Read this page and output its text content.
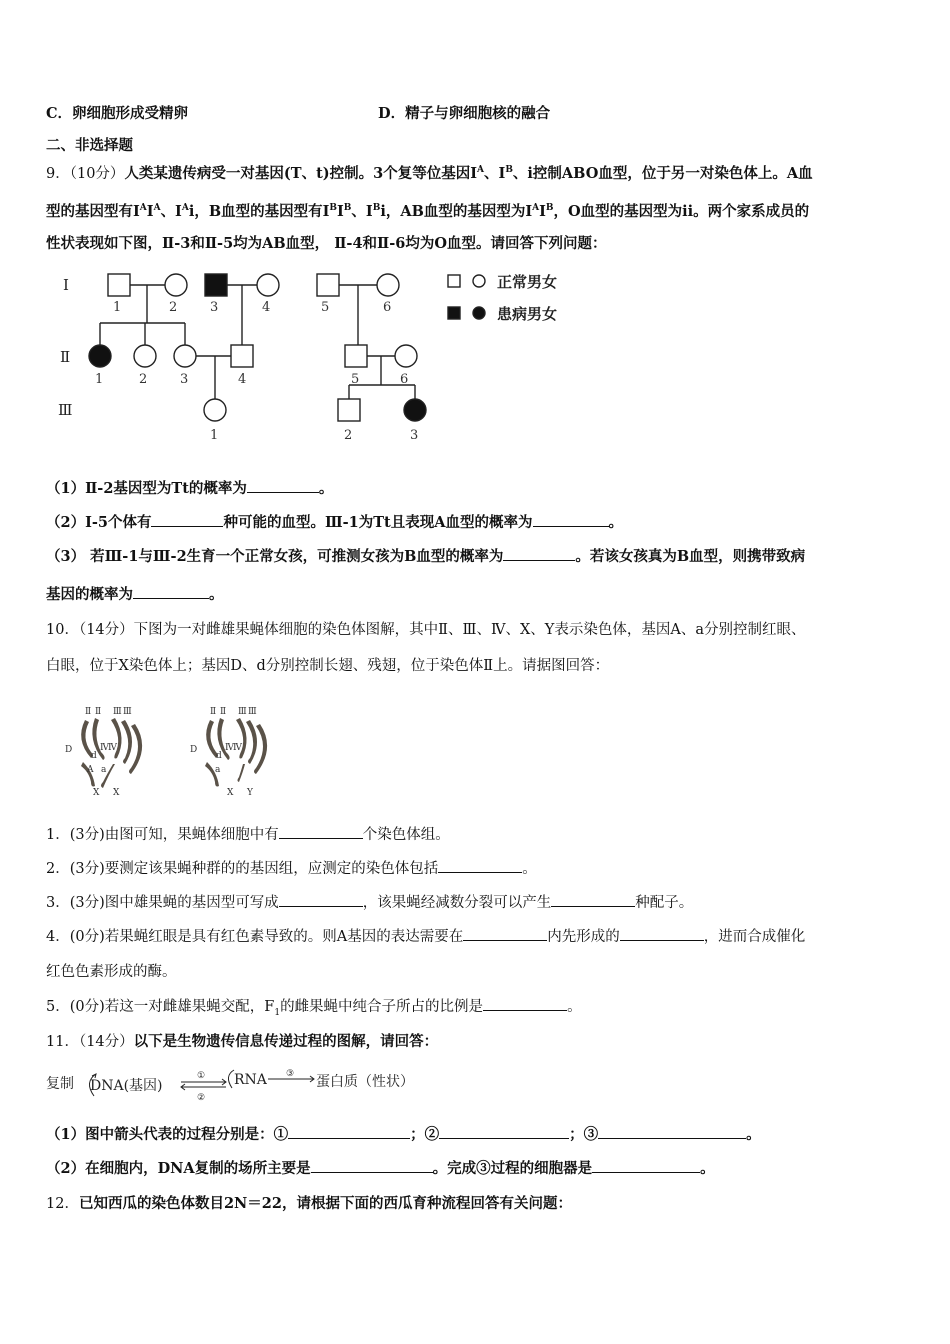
C．卵细胞形成受精卵	D．精子与卵细胞核的融合
二、非选择题
9．（10分）人类某遗传病受一对基因(T、t)控制。3个复等位基因$I^A$、$I^B$、i控制ABO血型，位于另一对染色体上。A血
型的基因型有$I^AI^A$、$I^Ai$，B血型的基因型有$I^BI^B$、$I^Bi$，AB血型的基因型为$I^AI^B$，O血型的基因型为ii。两个家系成员的
性状表现如下图，Ⅱ-3和Ⅱ-5均为AB血型， Ⅱ-4和Ⅱ-6均为O血型。请回答下列问题：
Ⅰ
Ⅱ
Ⅲ
正常男女
患病男女
1	2	3	4	5	6
1	2	3	4	5	6
1	2	3
（1）Ⅱ-2基因型为Tt的概率为	。
（2）Ⅰ-5个体有	种可能的血型。Ⅲ-1为Tt且表现A血型的概率为	。
（3） 若Ⅲ-1与Ⅲ-2生育一个正常女孩，可推测女孩为B血型的概率为	。若该女孩真为B血型，则携带致病
基因的概率为	。
10．（14分）下图为一对雌雄果蝇体细胞的染色体图解，其中Ⅱ、Ⅲ、Ⅳ、X、Y表示染色体，基因A、a分别控制红眼、
白眼，位于X染色体上；基因D、d分别控制长翅、残翅，位于染色体Ⅱ上。请据图回答：
Ⅱ Ⅱ Ⅲ Ⅲ
Ⅳ Ⅳ
D
d
A a
X X
Ⅱ Ⅱ Ⅲ Ⅲ
Ⅳ Ⅳ
D
d
a
X Y
1．(3分)由图可知，果蝇体细胞中有	个染色体组。
2．(3分)要测定该果蝇种群的的基因组，应测定的染色体包括	。
3．(3分)图中雄果蝇的基因型可写成	，该果蝇经减数分裂可以产生	种配子。
4．(0分)若果蝇红眼是具有红色素导致的。则A基因的表达需要在	内先形成的	，进而合成催化
红色色素形成的酶。
5．(0分)若这一对雌雄果蝇交配，$F_1$的雌果蝇中纯合子所占的比例是	。
11．（14分）以下是生物遗传信息传递过程的图解，请回答：
复制 DNA(基因)	RNA	蛋白质（性状）
①
②
③
（1）图中箭头代表的过程分别是：①	；②	；③	。
（2）在细胞内，DNA复制的场所主要是	。完成③过程的细胞器是	。
12．已知西瓜的染色体数目2N＝22，请根据下面的西瓜育种流程回答有关问题：
